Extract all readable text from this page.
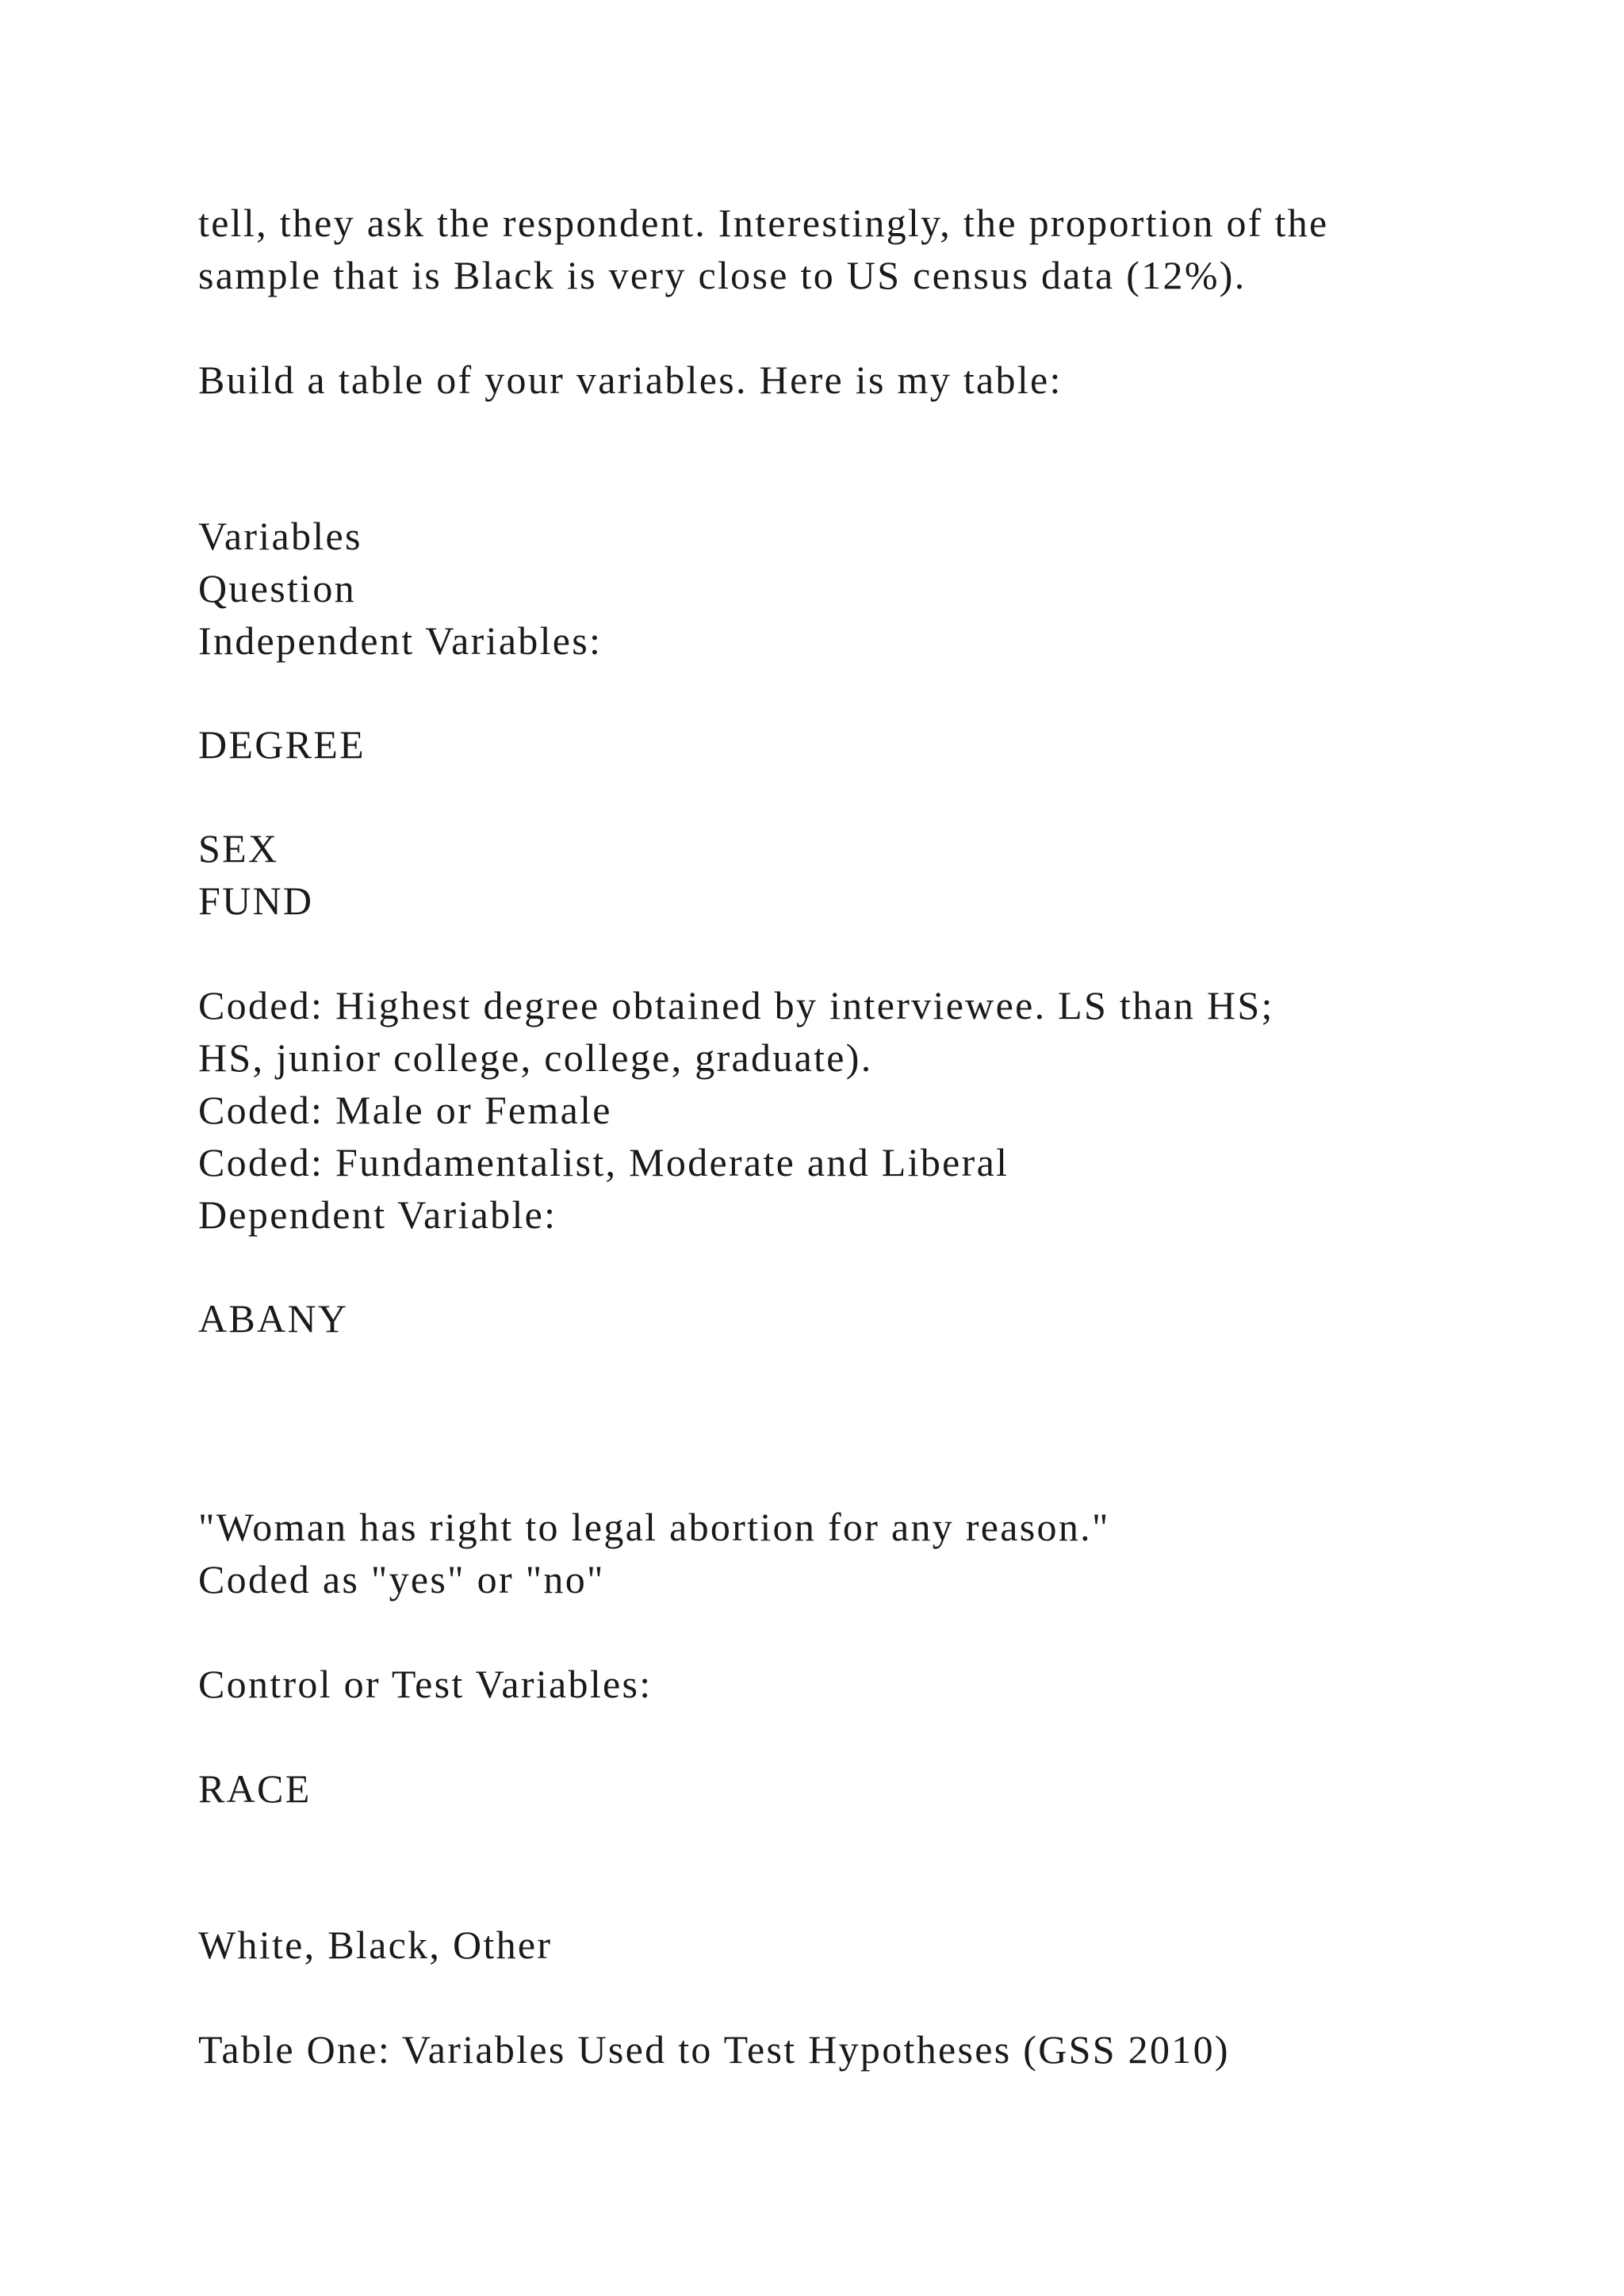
tell, they ask the respondent. Interestingly, the proportion of the

sample that is Black is very close to US census data (12%).

Build a table of your variables. Here is my table:

Variables

Question

Independent Variables:

DEGREE

SEX

FUND

Coded: Highest degree obtained by interviewee. LS than HS;

HS, junior college, college, graduate).

Coded: Male or Female

Coded: Fundamentalist, Moderate and Liberal

Dependent Variable:

ABANY

"Woman has right to legal abortion for any reason."

Coded as "yes" or "no"

Control or Test Variables:

RACE

White, Black, Other

Table One: Variables Used to Test Hypotheses (GSS 2010)
